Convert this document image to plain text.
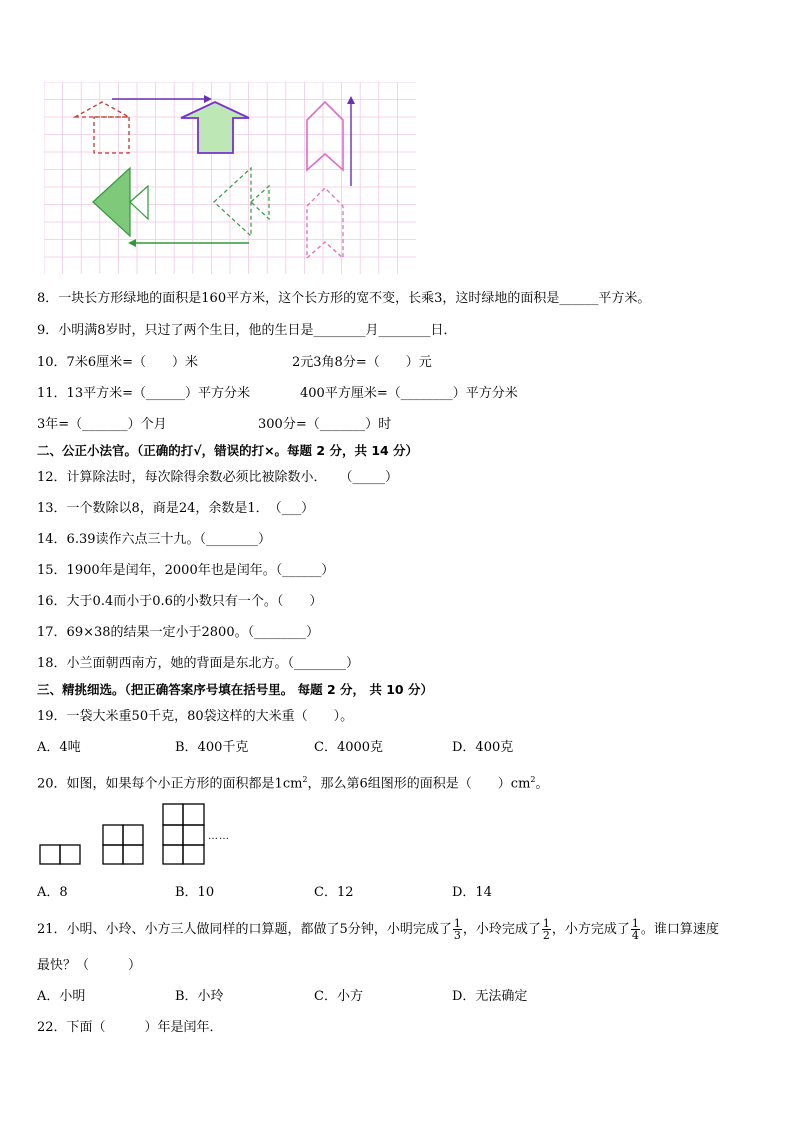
8．一块长方形绿地的面积是160平方米，这个长方形的宽不变，长乘3，这时绿地的面积是______平方米。
9．小明满8岁时，只过了两个生日，他的生日是________月________日．
10．7米6厘米=（　　）米	2元3角8分=（　　）元
11．13平方米=（______）平方分米	400平方厘米=（________）平方分米
3年=（_______）个月	300分=（_______）时
二、公正小法官。（正确的打√，错误的打×。每题 2 分，共 14 分）
12．计算除法时，每次除得余数必须比被除数小．　　（_____）
13．一个数除以8，商是24，余数是1．　（___）
14．6.39读作六点三十九。（________）
15．1900年是闰年，2000年也是闰年。（______）
16．大于0.4而小于0.6的小数只有一个。（　　）
17．69×38的结果一定小于2800。（________）
18．小兰面朝西南方，她的背面是东北方。（________）
三、精挑细选。（把正确答案序号填在括号里。 每题 2 分， 共 10 分）
19．一袋大米重50千克，80袋这样的大米重（　　）。
A．4吨	B．400千克	C．4000克	D．400克
20．如图，如果每个小正方形的面积都是$1cm^2$，那么第6组图形的面积是（　　）$cm^2$。
……
A．8	B．10	C．12	D．14
21．小明、小玲、小方三人做同样的口算题，都做了5分钟，小明完成了 $\frac{1}{3}$ ，小玲完成了 $\frac{1}{2}$ ，小方完成了 $\frac{1}{4}$ 。谁口算速度
最快？（　　　）
A．小明	B．小玲	C．小方	D．无法确定
22．下面（　　　）年是闰年．
